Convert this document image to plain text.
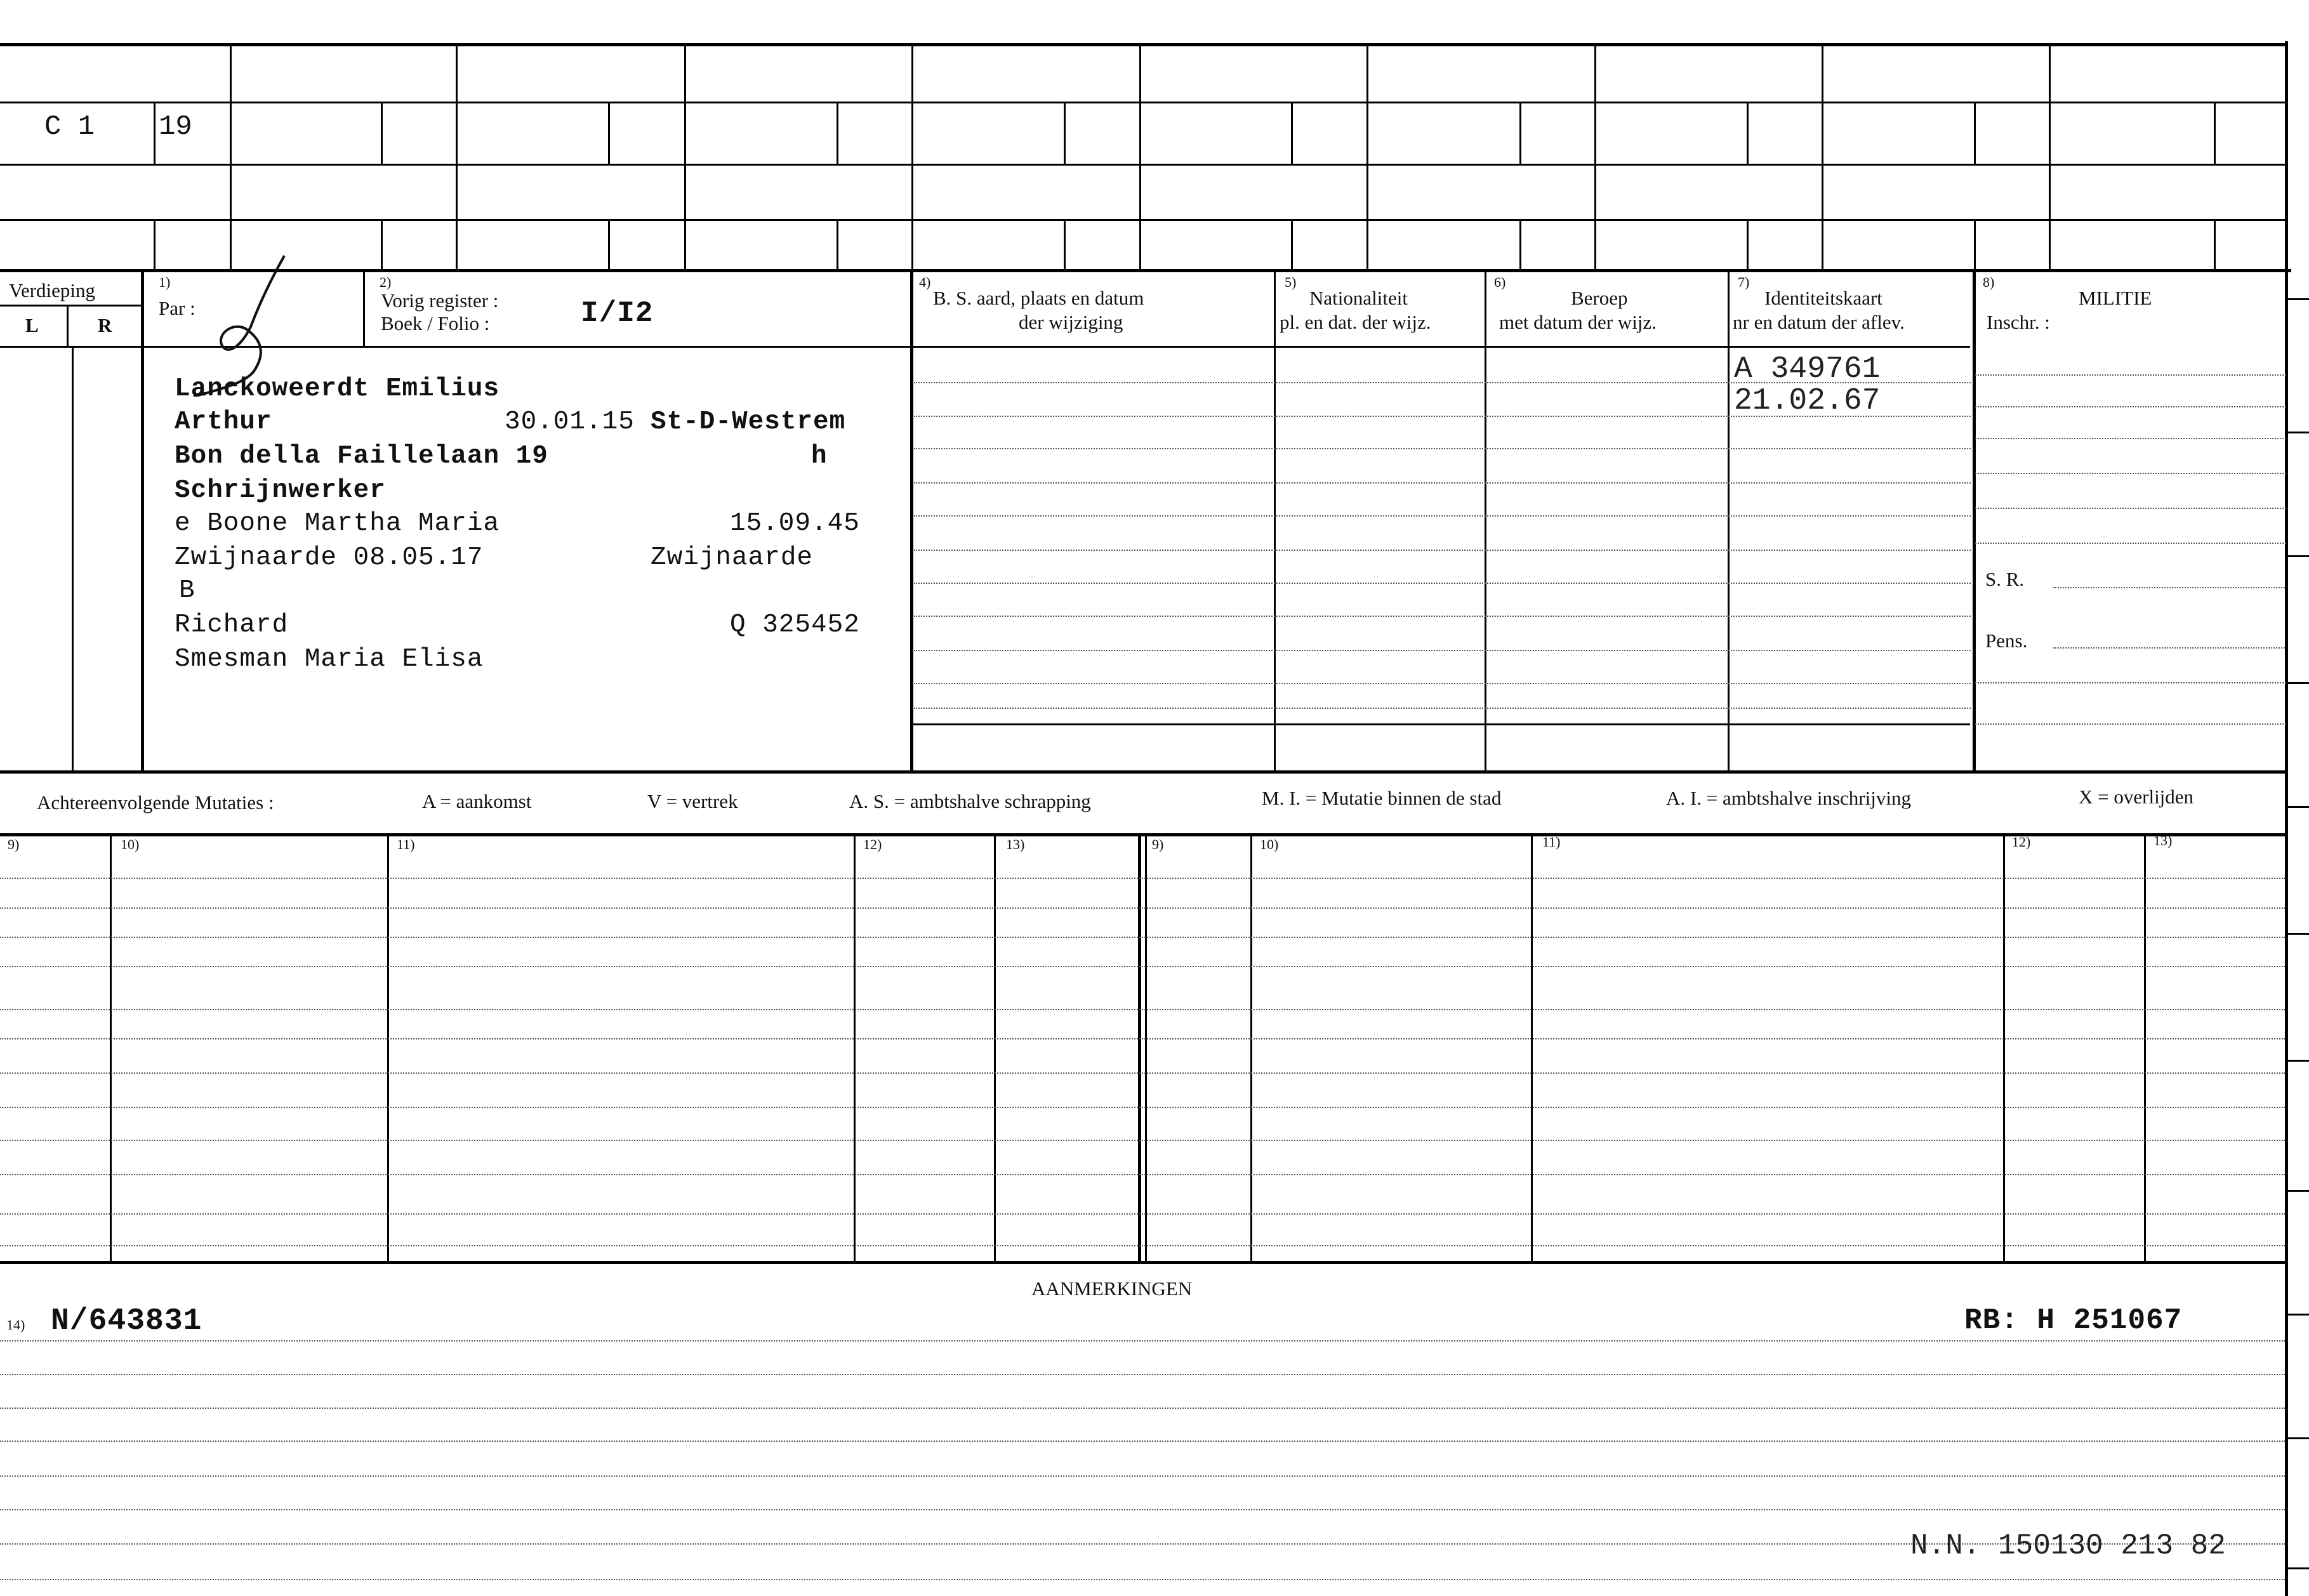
C 1 19
Verdieping
L	R
1)
Par :
2)
Vorig register :
Boek / Folio :	I/I2
4)
B. S. aard, plaats en datum
der wijziging
5)
Nationaliteit
pl. en dat. der wijz.
6)
Beroep
met datum der wijz.
7)
Identiteitskaart
nr en datum der aflev.
8)
MILITIE
Inschr. :
S. R.
Pens.
Lanckoweerdt Emilius
Arthur	30.01.15 St-D-Westrem
Bon della Faillelaan 19	h
Schrijnwerker
e Boone Martha Maria	15.09.45
Zwijnaarde 08.05.17	Zwijnaarde
B
Richard	Q 325452
Smesman Maria Elisa
A 349761
21.02.67
Achtereenvolgende Mutaties :	A = aankomst	V = vertrek	A. S. = ambtshalve schrapping	M. I. = Mutatie binnen de stad	A. I. = ambtshalve inschrijving	X = overlijden
9)	10)	11)	12)	13)	9)	10)	11)	12)	13)
AANMERKINGEN
14) N/643831	RB: H 251067
N.N. 150130 213 82
